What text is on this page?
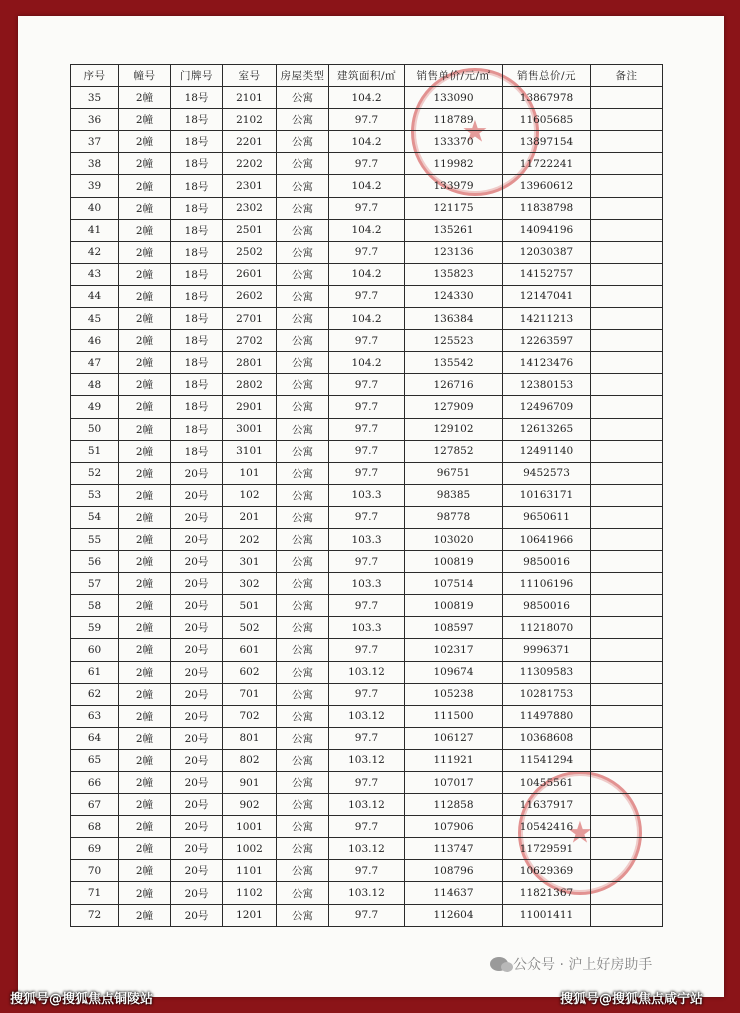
★
★
序号	幢号	门牌号	室号	房屋类型	建筑面积/㎡	销售单价/元/㎡	销售总价/元	备注
35	2幢	18号	2101	公寓	104.2	133090	13867978	
36	2幢	18号	2102	公寓	97.7	118789	11605685	
37	2幢	18号	2201	公寓	104.2	133370	13897154	
38	2幢	18号	2202	公寓	97.7	119982	11722241	
39	2幢	18号	2301	公寓	104.2	133979	13960612	
40	2幢	18号	2302	公寓	97.7	121175	11838798	
41	2幢	18号	2501	公寓	104.2	135261	14094196	
42	2幢	18号	2502	公寓	97.7	123136	12030387	
43	2幢	18号	2601	公寓	104.2	135823	14152757	
44	2幢	18号	2602	公寓	97.7	124330	12147041	
45	2幢	18号	2701	公寓	104.2	136384	14211213	
46	2幢	18号	2702	公寓	97.7	125523	12263597	
47	2幢	18号	2801	公寓	104.2	135542	14123476	
48	2幢	18号	2802	公寓	97.7	126716	12380153	
49	2幢	18号	2901	公寓	97.7	127909	12496709	
50	2幢	18号	3001	公寓	97.7	129102	12613265	
51	2幢	18号	3101	公寓	97.7	127852	12491140	
52	2幢	20号	101	公寓	97.7	96751	9452573	
53	2幢	20号	102	公寓	103.3	98385	10163171	
54	2幢	20号	201	公寓	97.7	98778	9650611	
55	2幢	20号	202	公寓	103.3	103020	10641966	
56	2幢	20号	301	公寓	97.7	100819	9850016	
57	2幢	20号	302	公寓	103.3	107514	11106196	
58	2幢	20号	501	公寓	97.7	100819	9850016	
59	2幢	20号	502	公寓	103.3	108597	11218070	
60	2幢	20号	601	公寓	97.7	102317	9996371	
61	2幢	20号	602	公寓	103.12	109674	11309583	
62	2幢	20号	701	公寓	97.7	105238	10281753	
63	2幢	20号	702	公寓	103.12	111500	11497880	
64	2幢	20号	801	公寓	97.7	106127	10368608	
65	2幢	20号	802	公寓	103.12	111921	11541294	
66	2幢	20号	901	公寓	97.7	107017	10455561	
67	2幢	20号	902	公寓	103.12	112858	11637917	
68	2幢	20号	1001	公寓	97.7	107906	10542416	
69	2幢	20号	1002	公寓	103.12	113747	11729591	
70	2幢	20号	1101	公寓	97.7	108796	10629369	
71	2幢	20号	1102	公寓	103.12	114637	11821367	
72	2幢	20号	1201	公寓	97.7	112604	11001411	
公众号 · 沪上好房助手
搜狐号@搜狐焦点铜陵站	搜狐号@搜狐焦点咸宁站
